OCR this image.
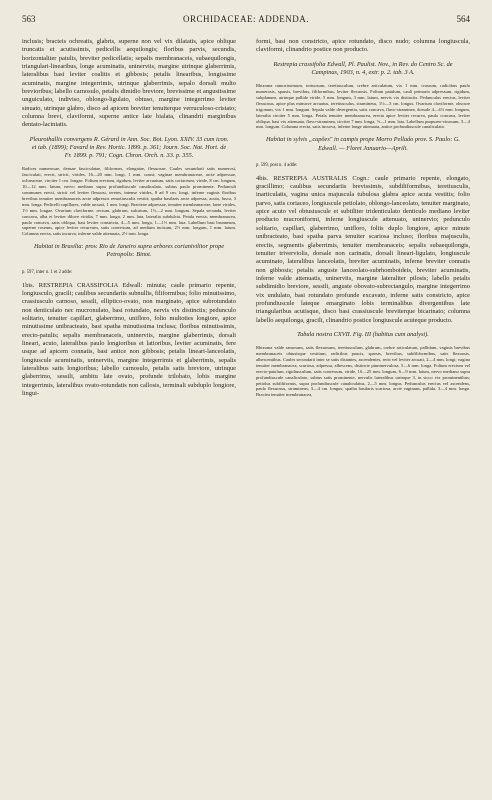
563	ORCHIDACEAE: ADDENDA.	564

inclusis; bracteis ochreatis, glabris, superne non vel vix dilatatis, apice oblique truncatis et acutissimis, pedicellis aequilongis; floribus parvis, secundis, horizontaliter patulis, breviter pedicellatis; sepalis membranaceis, subaequilongis, triangulari-linearibus, longe acuminatis, uninerviis, margine utrinque glaberrimis, lateralibus basi leviter coalitis et gibbosis; petalis linearibus, longissime acuminatis, margine integerrimis, utrinque glaberrimis, sepalo dorsali multo brevioribus; labello carnosulo, petalis dimidio breviore, brevissime et angustissime unguiculato, indiviso, oblongo-ligulato, obtuso, margine integerrimo leviter sinuato, utrinque glabro, disco ad apicem breviter tenuiterque verruculoso-cristato; columna brevi, claviformi, superne antice late bialata, clinandrii marginibus dentato-laciniatis.

Pleurothallis convergens R. Gérard in Ann. Soc. Bot. Lyon. XXIV. 33 cum icon. et tab. (1899); Favard in Rev. Hortic. 1899. p. 361; Journ. Soc. Nat. Hort. de Fr. 1899. p. 791; Cogn. Chron. Orch. n. 33. p. 355.

Radices numerosae, densae fasciculatae, filiformes, elongatae, flexuosae. Caules secundarii satis numerosi, fasciculati, erecti, stricti, virides, 16—20 mm. longi, 1 mm. crassi; vaginae membranaceae, arcte adpressae, ochreaceae, circiter 1 cm. longae. Folium erectum, rigidum, leviter arcuatum, satis coriaceum, viride, 8 cm. longum, 10—12 mm. latum, nervo mediano supra profundiuscule canaliculato, subtus paulo prominente. Pedunculi communes erecti, stricti vel leviter flexuosi, teretes, intense virides, 8 ad 9 cm. longi, inferne vaginis floribus brevibus tenuiter membranaceis arcte adpressis remotiusculis vestiti; spatha basilaris arcte adpressa, acuta, fusca, 3 mm. longa. Pedicelli capillares, valde arcuati, 1 mm. longi. Bracteae adpressae, tenuiter membranaceae, laete virides, 1½ mm. longae. Ovarium claviforme, rectum, glabrum, sulcatum, 1½—2 mm. longum. Sepala secunda, leviter concava, alba et leviter diluve viridia, 7 mm. longa, 2 mm. lata, lateralia subdulcia. Petala erecta, membranacea, paulo concava, satis obliqua, basi leviter constricta, 4—5 mm. longa, 1—1½ mm. lata. Labellum basi brunneum, superne roseum, apice leviter recurvum, satis convexum, ad medium incisum, 2½ mm. longum, 1 mm. latum. Columna erecta, satis incurva, inferne valde attenuata, 2½ mm. longa.

Habitat in Brasilia: prov. Rio de Janeiro supra arbores corianivilitor prope Petropolis: Binot.

p. 597, inter n. 1 et 2 adde:

1bis. RESTREPIA CRASSIFOLIA Edwall: minuta; caule primario repente, longiusculo, gracili; caulibus secundariis subnullis, filiformibus; folio minutissimo, crassiusculo carnoso, sessili, elliptico-ovato, non marginato, apice subrotundato non denticulato nec mucronulato, basi rotundato, nervis vix distinctis; pedunculo solitario, tenuiter capillari, glaberrimo, unifloro, folio multoties longiore, apice minutissime unibracteato, basi spatha minutissima inclusa; floribus minutissimis, erecto-patulis; sepalis membranaceis, uninerviis, margine glaberrimis, dorsali lineari, acuto, lateralibus paulo longioribus et latioribus, leviter acuminatis, fere usque ad apicem connatis, basi antice non gibbosis; petalis lineari-lanceolatis, longiuscule acuminatis, uninerviis, margine integerrimis et glaberrimis, sepalis lateralibus satis longioribus; labello carnosulo, petalis satis breviore, utrinque glaberrimo, sessili, ambitu late ovato, profunde trilobato, lobis margine integerrimis, lateralibus ovato-rotundatis non callosis, terminali subduplo longiore, lingui-

formi, basi non constricto, apice rotundato, disco nudo; columna longiuscula, claviformi, clinandrio postice non producto.

Restrepia crassifolia Edwall, Pl. Paulist. Nov., in Rev. do Centro Sc. de Campinas, 1903, n. 4, extr. p. 2. tab. 3 A.

Rhizoma ramosissimum, tortuosum, teretiusculum, crebre articulatum, vix 1 mm. crassum, radicibus paulo numerosis, sparsis, brevibus, filiformibus, leviter flexuosis. Folium patulum, cauli primario adpressum, rigidum, subplanum, utrinque pallide viride, 5 mm. longum, 3 mm. latum, nervis vix distinctis. Pedunculus erectus, leviter flexuosus, apice plus minusve arcuatus, teretiusculus, stramineus, 1½—3 cm. longus. Ovarium claviforme, obscure trigonum, vix 1 mm. longum. Sepala valde divergentia, satis concava, flavo-straminea, dorsale 4—4½ mm. longum, lateralia circiter 5 mm. longa. Petala tenuiter membranacea, erecta apice leviter recurva, paulo concava, leviter obliqua, basi vix attenuata, flavo-straminea, circiter 7 mm. longa, ½—1 mm. lata. Labellum purpureo-vinosum, 3—4 mm. longum. Columna erecta, satis incurva, inferne longe attenuata, antice profundiuscule canaliculata.

Habitat in sylvis „capões" in campis prope Morro Pellado prov. S. Paulo: G. Edwall. — Floret Januario—Aprili.

p. 599, post n. 4 adde:

4bis. RESTREPIA AUSTRALIS Cogn.: caule primario repente, elongato, gracillimo; caulibus secundariis brevissimis, subdiliformibus, teretiusculis, inarticulatis, vagina unica majuscula tubulosa glabra apice acuta vestitis; folio parvo, satis coriaceo, longiuscule petiolato, oblongo-lanceolato, tenuiter marginato, apice acuto vel obtusiuscule et subtiliter tridenticulato denticulo medianо leviter producto mucroniformi, inferne longiuscule attenuato, uninervio; pedunculo solitario, capillari, glaberrimo, unifloro, foliis duplo longiore, apice minute unibracteato, basi spatha parva tenuiter scariosa incluso; floribus majusculis, erectis, segmentis glaberrimis, tenuiter membranaceis; sepalis subaequilongis, tenuiter triverviolis, dorsale non carinatis, dorsali lineari-ligulato, longiuscule acuminato, lateralibus lanceolatis, breviter acuminatis, inferne breviter connatis non gibbosis; petalis angustе lanceolato-subrhomboideis, breviter acuminatis, inferne valde attenuatis, uninerviis, margine lateraliter pilosis; labello petalis subdimidio breviore, sessili, anguste obovato-subrectangulo, margine integerrimo vix undulato, basi rotundato profunde excavato, inferne satis constricto, apice profundiuscule lateque emarginato lobis terminalibus divergentibus late triangularibus acutisque, disco basi crassiuscule breviterque bicarinato; columna labello aequilonga, gracili, clinandrio postice longiuscule acuteque producto.

Tabula nostra CXVII. Fig. III (habitus cum analysi).

Rhizoma valde ramosum, satis flexuosum, teretiusculum, glabrum, crebre articulatum, pallidum, vaginis brevibus membranaceis obtusisque vestitum, radicibus paucis, sparsis, brevibus, subfiliformibus, satis flexuosis, albescentibus. Caules secundarii inter se satis distantes, ascendentes, recti vel leviter arcuati, 2—4 mm. longi; vagina tenuiter membranacea, scariosa, adpressa, albescens, distincte pinninervulosa, 5—6 mm. longa. Folium erectum vel erecto-patulum, rigidiusculum, satis convexum, viride, 10—25 mm. longum, 6—9 mm. latum, nervo mediano supra profundiuscule canaliculato, subtus satis prominente, nervulis lateralibus utrinque 3, in sicco vix prominentibus; petiolus subfiliformis, supra profundiuscule canaliculatus, 2—5 mm. longus. Pedunculus erectus vel ascendens, paulo flexuosus, stramineus, 3—4 cm. longus; spatha basilaris scariosa, arcte vaginans, pallida, 3—4 mm. longa. Bractea tenuiter membranacea,
